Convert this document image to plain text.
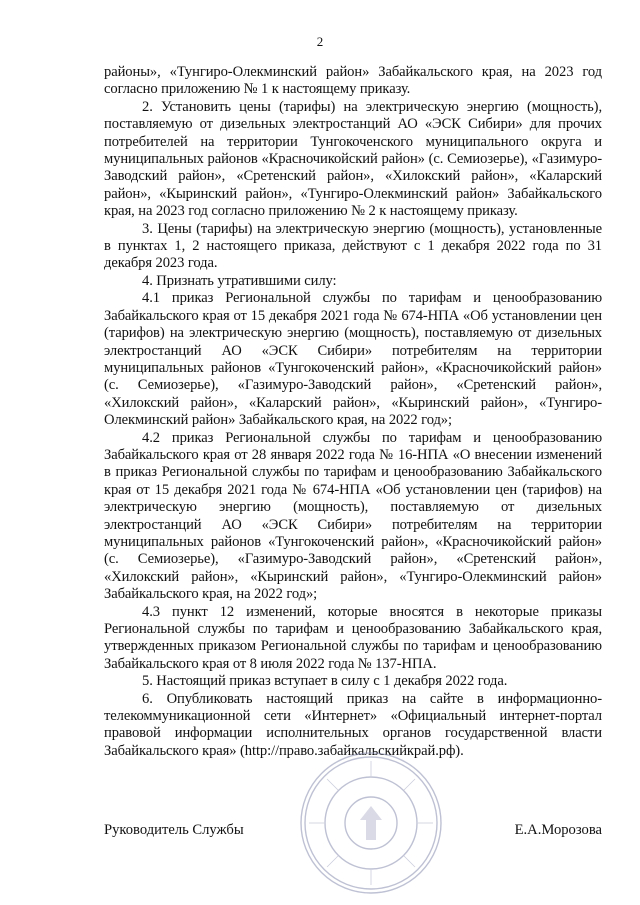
2

районы», «Тунгиро-Олекминский район» Забайкальского края, на 2023 год согласно приложению № 1 к настоящему приказу.

2. Установить цены (тарифы) на электрическую энергию (мощность), поставляемую от дизельных электростанций АО «ЭСК Сибири» для прочих потребителей на территории Тунгокоченского муниципального округа и муниципальных районов «Красночикойский район» (с. Семиозерье), «Газимуро-Заводский район», «Сретенский район», «Хилокский район», «Каларский район», «Кыринский район», «Тунгиро-Олекминский район» Забайкальского края, на 2023 год согласно приложению № 2 к настоящему приказу.

3. Цены (тарифы) на электрическую энергию (мощность), установленные в пунктах 1, 2 настоящего приказа, действуют с 1 декабря 2022 года по 31 декабря 2023 года.

4. Признать утратившими силу:

4.1 приказ Региональной службы по тарифам и ценообразованию Забайкальского края от 15 декабря 2021 года № 674-НПА «Об установлении цен (тарифов) на электрическую энергию (мощность), поставляемую от дизельных электростанций АО «ЭСК Сибири» потребителям на территории муниципальных районов «Тунгокоченский район», «Красночикойский район» (с. Семиозерье), «Газимуро-Заводский район», «Сретенский район», «Хилокский район», «Каларский район», «Кыринский район», «Тунгиро-Олекминский район» Забайкальского края, на 2022 год»;

4.2 приказ Региональной службы по тарифам и ценообразованию Забайкальского края от 28 января 2022 года № 16-НПА «О внесении изменений в приказ Региональной службы по тарифам и ценообразованию Забайкальского края от 15 декабря 2021 года № 674-НПА «Об установлении цен (тарифов) на электрическую энергию (мощность), поставляемую от дизельных электростанций АО «ЭСК Сибири» потребителям на территории муниципальных районов «Тунгокоченский район», «Красночикойский район» (с. Семиозерье), «Газимуро-Заводский район», «Сретенский район», «Хилокский район», «Кыринский район», «Тунгиро-Олекминский район» Забайкальского края, на 2022 год»;

4.3 пункт 12 изменений, которые вносятся в некоторые приказы Региональной службы по тарифам и ценообразованию Забайкальского края, утвержденных приказом Региональной службы по тарифам и ценообразованию Забайкальского края от 8 июля 2022 года № 137-НПА.

5. Настоящий приказ вступает в силу с 1 декабря 2022 года.

6. Опубликовать настоящий приказ на сайте в информационно-телекоммуникационной сети «Интернет» «Официальный интернет-портал правовой информации исполнительных органов государственной власти Забайкальского края» (http://право.забайкальскийкрай.рф).

Руководитель Службы	Е.А.Морозова
